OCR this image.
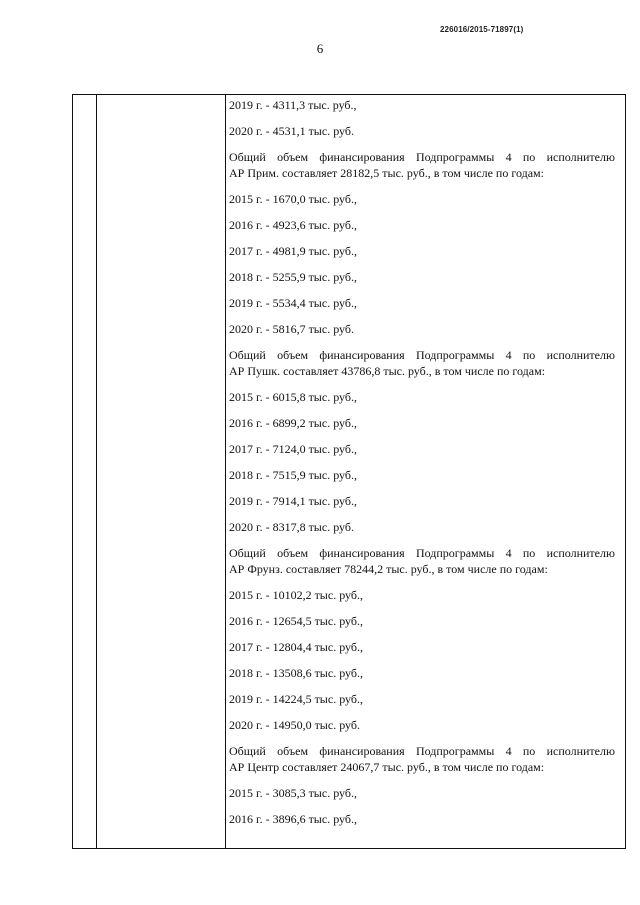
226016/2015-71897(1)
6
2019 г. - 4311,3 тыс. руб.,
2020 г. - 4531,1 тыс. руб.
Общий объем финансирования Подпрограммы 4 по исполнителю
АР Прим. составляет 28182,5 тыс. руб., в том числе по годам:
2015 г. - 1670,0 тыс. руб.,
2016 г. - 4923,6 тыс. руб.,
2017 г. - 4981,9 тыс. руб.,
2018 г. - 5255,9 тыс. руб.,
2019 г. - 5534,4 тыс. руб.,
2020 г. - 5816,7 тыс. руб.
Общий объем финансирования Подпрограммы 4 по исполнителю
АР Пушк. составляет 43786,8 тыс. руб., в том числе по годам:
2015 г. - 6015,8 тыс. руб.,
2016 г. - 6899,2 тыс. руб.,
2017 г. - 7124,0 тыс. руб.,
2018 г. - 7515,9 тыс. руб.,
2019 г. - 7914,1 тыс. руб.,
2020 г. - 8317,8 тыс. руб.
Общий объем финансирования Подпрограммы 4 по исполнителю
АР Фрунз. составляет 78244,2 тыс. руб., в том числе по годам:
2015 г. - 10102,2 тыс. руб.,
2016 г. - 12654,5 тыс. руб.,
2017 г. - 12804,4 тыс. руб.,
2018 г. - 13508,6 тыс. руб.,
2019 г. - 14224,5 тыс. руб.,
2020 г. - 14950,0 тыс. руб.
Общий объем финансирования Подпрограммы 4 по исполнителю
АР Центр составляет 24067,7 тыс. руб., в том числе по годам:
2015 г. - 3085,3 тыс. руб.,
2016 г. - 3896,6 тыс. руб.,
